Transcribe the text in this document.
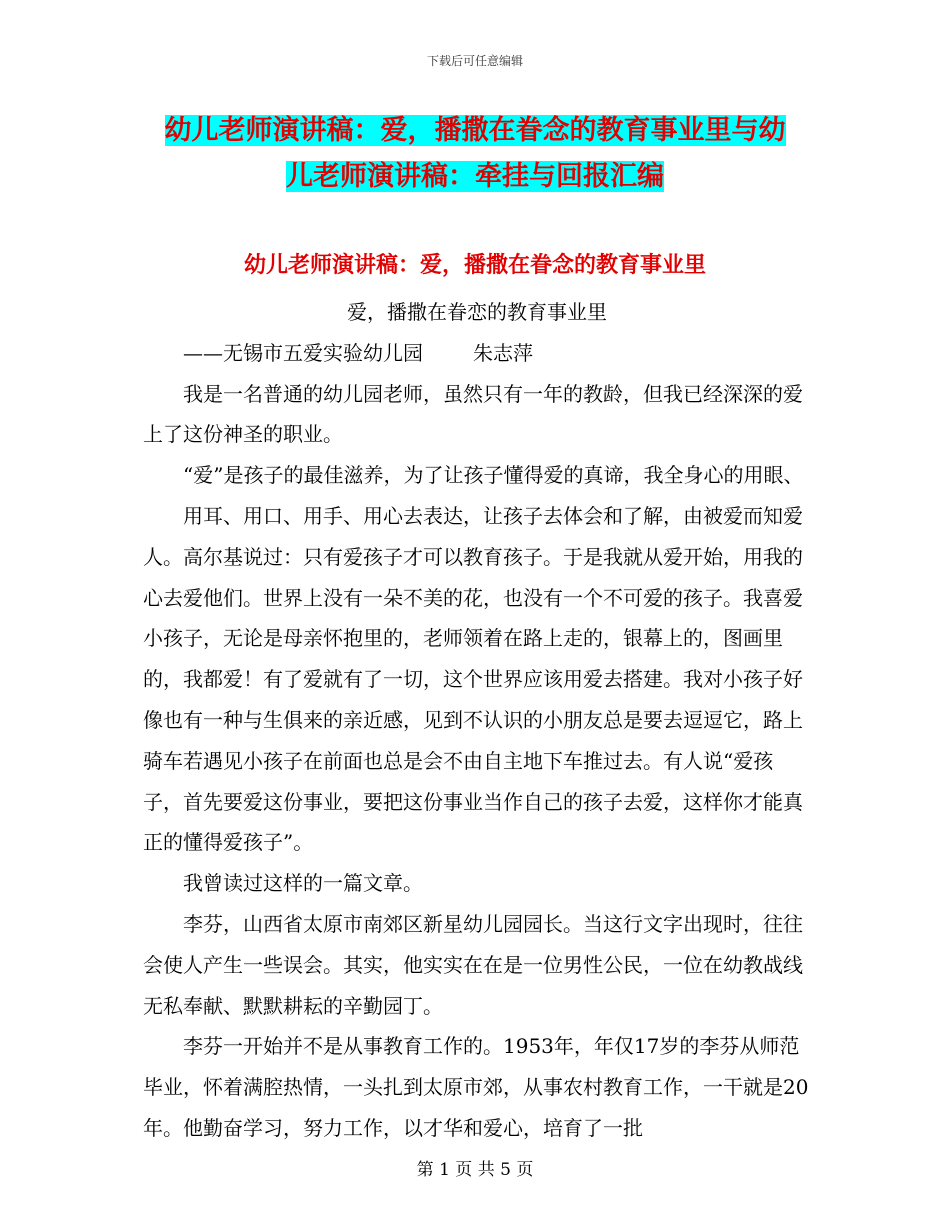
下载后可任意编辑
幼儿老师演讲稿：爱，播撒在眷念的教育事业里与幼
儿老师演讲稿：牵挂与回报汇编
幼儿老师演讲稿：爱，播撒在眷念的教育事业里

爱，播撒在眷恋的教育事业里

——无锡市五爱实验幼儿园	朱志萍

我是一名普通的幼儿园老师，虽然只有一年的教龄，但我已经深深的爱上了这份神圣的职业。

“爱”是孩子的最佳滋养，为了让孩子懂得爱的真谛，我全身心的用眼、

用耳、用口、用手、用心去表达，让孩子去体会和了解，由被爱而知爱人。高尔基说过：只有爱孩子才可以教育孩子。于是我就从爱开始，用我的心去爱他们。世界上没有一朵不美的花，也没有一个不可爱的孩子。我喜爱小孩子，无论是母亲怀抱里的，老师领着在路上走的，银幕上的，图画里的，我都爱！有了爱就有了一切，这个世界应该用爱去搭建。我对小孩子好像也有一种与生俱来的亲近感，见到不认识的小朋友总是要去逗逗它，路上骑车若遇见小孩子在前面也总是会不由自主地下车推过去。有人说“爱孩子，首先要爱这份事业，要把这份事业当作自己的孩子去爱，这样你才能真正的懂得爱孩子”。

我曾读过这样的一篇文章。

李芬，山西省太原市南郊区新星幼儿园园长。当这行文字出现时，往往会使人产生一些误会。其实，他实实在在是一位男性公民，一位在幼教战线无私奉献、默默耕耘的辛勤园丁。

李芬一开始并不是从事教育工作的。1953年，年仅17岁的李芬从师范毕业，怀着满腔热情，一头扎到太原市郊，从事农村教育工作，一干就是20年。他勤奋学习，努力工作，以才华和爱心，培育了一批

第 1 页 共 5 页
